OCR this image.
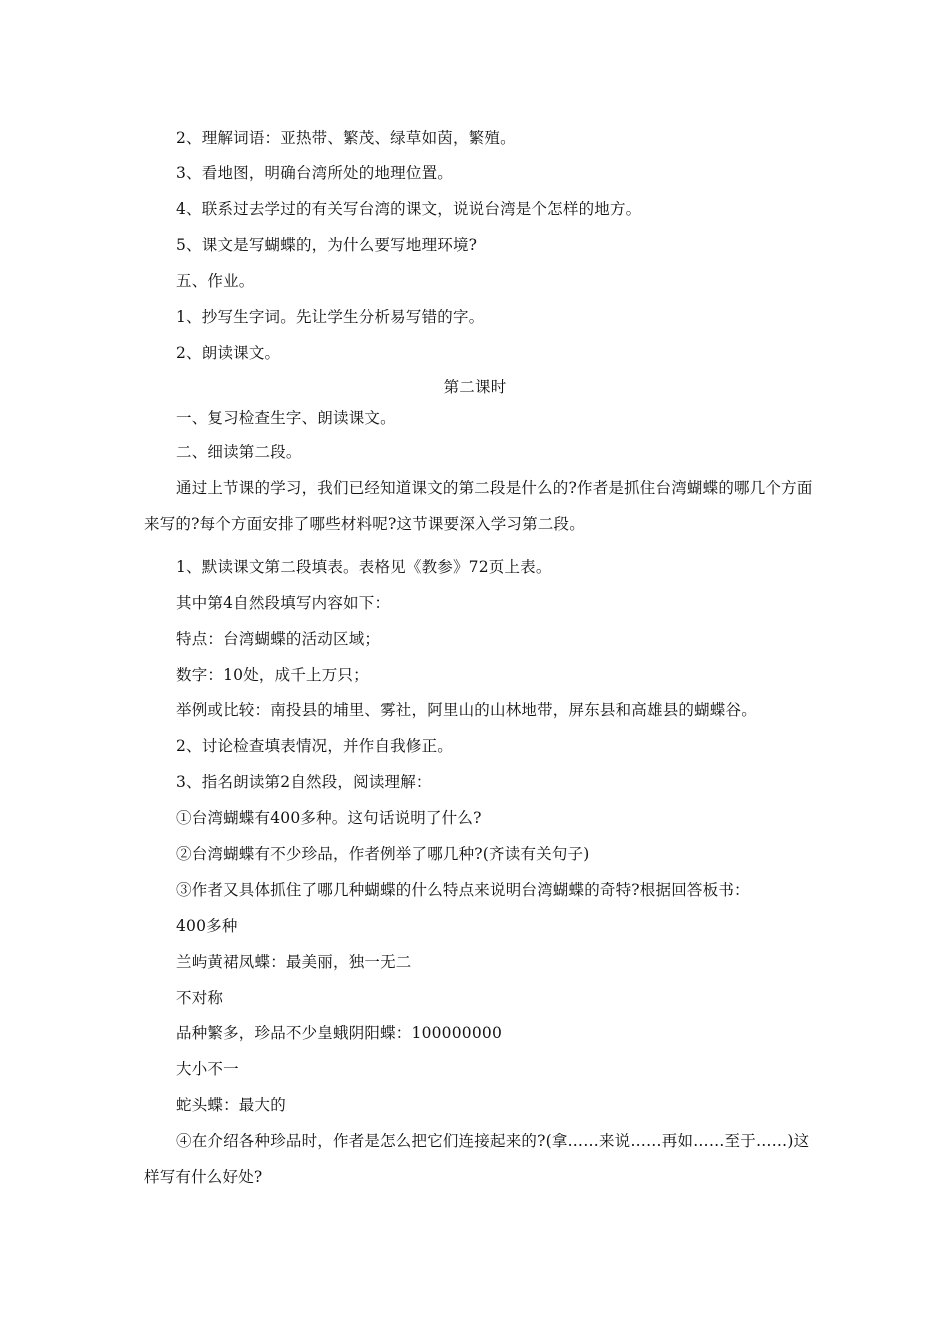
2、理解词语：亚热带、繁茂、绿草如茵，繁殖。
3、看地图，明确台湾所处的地理位置。
4、联系过去学过的有关写台湾的课文，说说台湾是个怎样的地方。
5、课文是写蝴蝶的，为什么要写地理环境?
五、作业。
1、抄写生字词。先让学生分析易写错的字。
2、朗读课文。
第二课时
一、复习检查生字、朗读课文。
二、细读第二段。
通过上节课的学习，我们已经知道课文的第二段是什么的?作者是抓住台湾蝴蝶的哪几个方面来写的?每个方面安排了哪些材料呢?这节课要深入学习第二段。
1、默读课文第二段填表。表格见《教参》72页上表。
其中第4自然段填写内容如下：
特点：台湾蝴蝶的活动区域；
数字：10处，成千上万只；
举例或比较：南投县的埔里、雾社，阿里山的山林地带，屏东县和高雄县的蝴蝶谷。
2、讨论检查填表情况，并作自我修正。
3、指名朗读第2自然段，阅读理解：
①台湾蝴蝶有400多种。这句话说明了什么?
②台湾蝴蝶有不少珍品，作者例举了哪几种?(齐读有关句子)
③作者又具体抓住了哪几种蝴蝶的什么特点来说明台湾蝴蝶的奇特?根据回答板书：
400多种
兰屿黄裙凤蝶：最美丽，独一无二
不对称
品种繁多，珍品不少皇蛾阴阳蝶：100000000
大小不一
蛇头蝶：最大的
④在介绍各种珍品时，作者是怎么把它们连接起来的?(拿……来说……再如……至于……)这样写有什么好处?
